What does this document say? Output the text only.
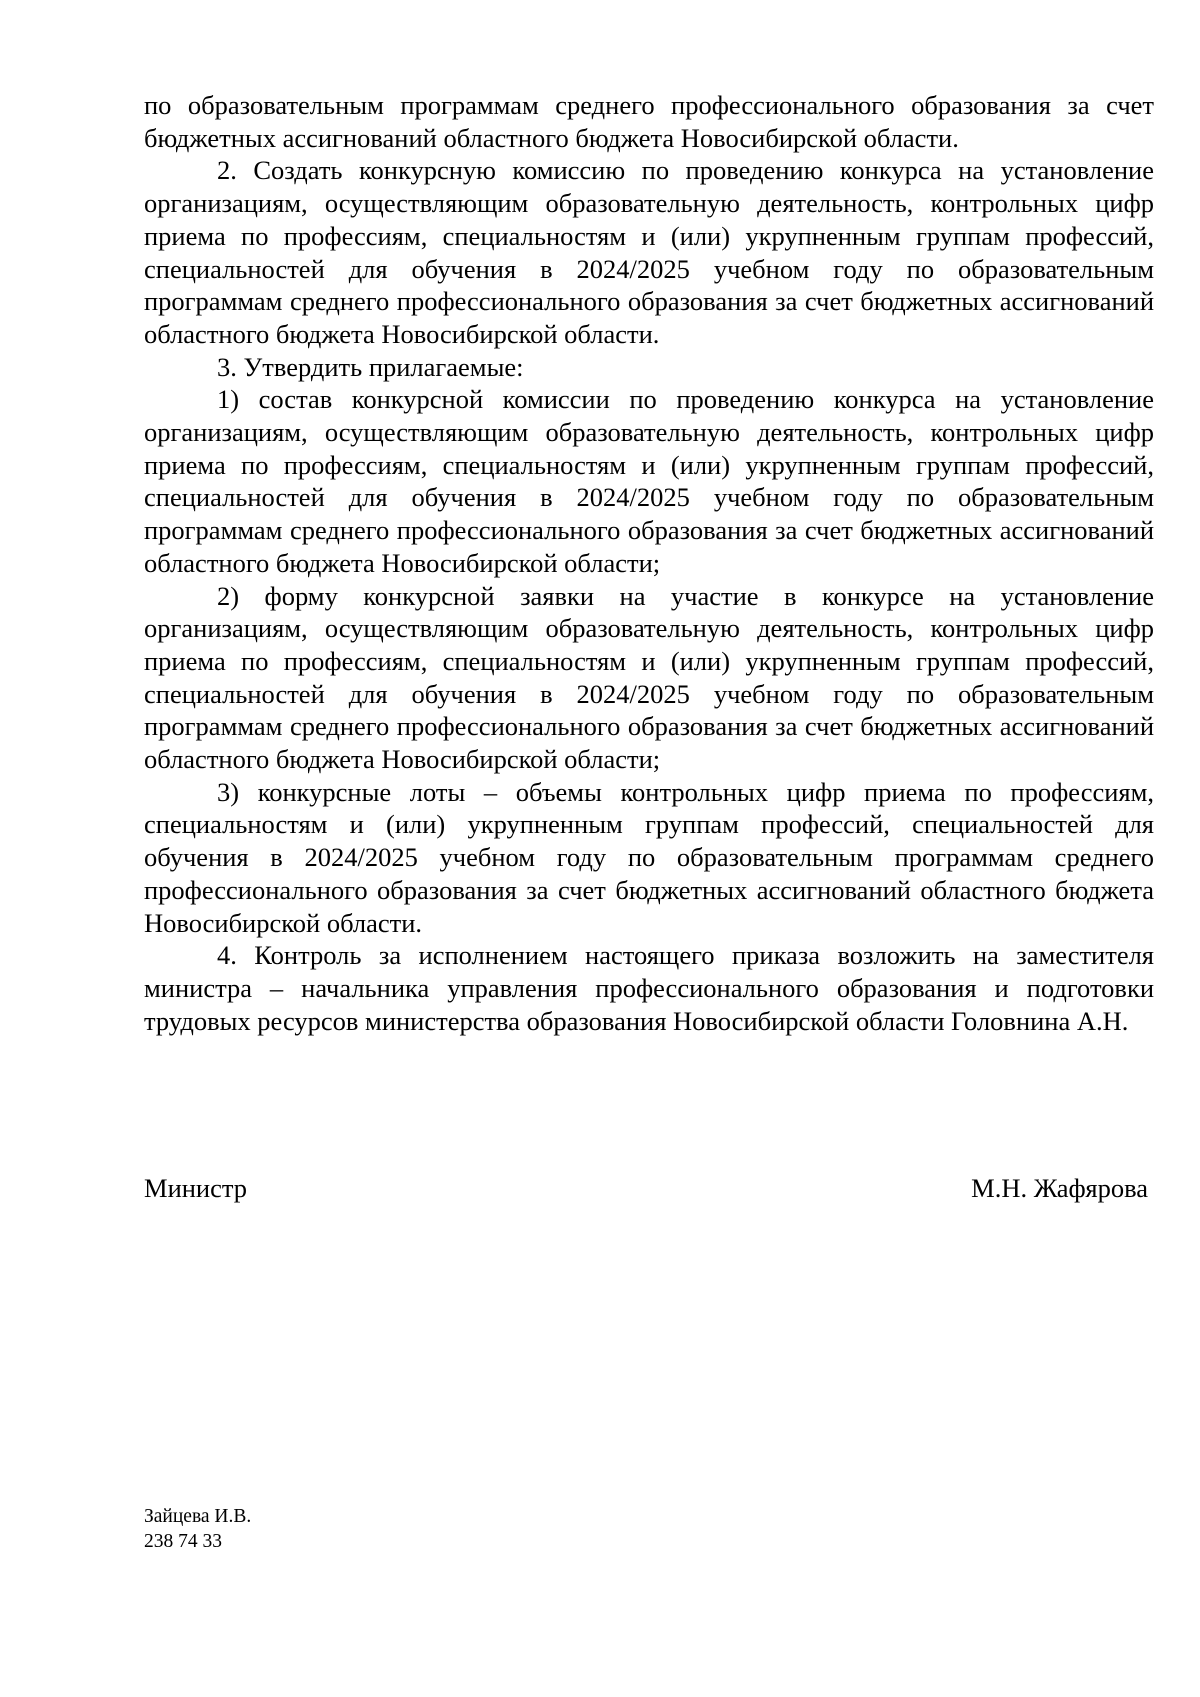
по образовательным программам среднего профессионального образования за счет бюджетных ассигнований областного бюджета Новосибирской области.

2. Создать конкурсную комиссию по проведению конкурса на установление организациям, осуществляющим образовательную деятельность, контрольных цифр приема по профессиям, специальностям и (или) укрупненным группам профессий, специальностей для обучения в 2024/2025 учебном году по образовательным программам среднего профессионального образования за счет бюджетных ассигнований областного бюджета Новосибирской области.

3. Утвердить прилагаемые:

1) состав конкурсной комиссии по проведению конкурса на установление организациям, осуществляющим образовательную деятельность, контрольных цифр приема по профессиям, специальностям и (или) укрупненным группам профессий, специальностей для обучения в 2024/2025 учебном году по образовательным программам среднего профессионального образования за счет бюджетных ассигнований областного бюджета Новосибирской области;

2) форму конкурсной заявки на участие в конкурсе на установление организациям, осуществляющим образовательную деятельность, контрольных цифр приема по профессиям, специальностям и (или) укрупненным группам профессий, специальностей для обучения в 2024/2025 учебном году по образовательным программам среднего профессионального образования за счет бюджетных ассигнований областного бюджета Новосибирской области;

3) конкурсные лоты – объемы контрольных цифр приема по профессиям, специальностям и (или) укрупненным группам профессий, специальностей для обучения в 2024/2025 учебном году по образовательным программам среднего профессионального образования за счет бюджетных ассигнований областного бюджета Новосибирской области.

4. Контроль за исполнением настоящего приказа возложить на заместителя министра – начальника управления профессионального образования и подготовки трудовых ресурсов министерства образования Новосибирской области Головнина А.Н.

Министр	М.Н. Жафярова
Зайцева И.В.
238 74 33
